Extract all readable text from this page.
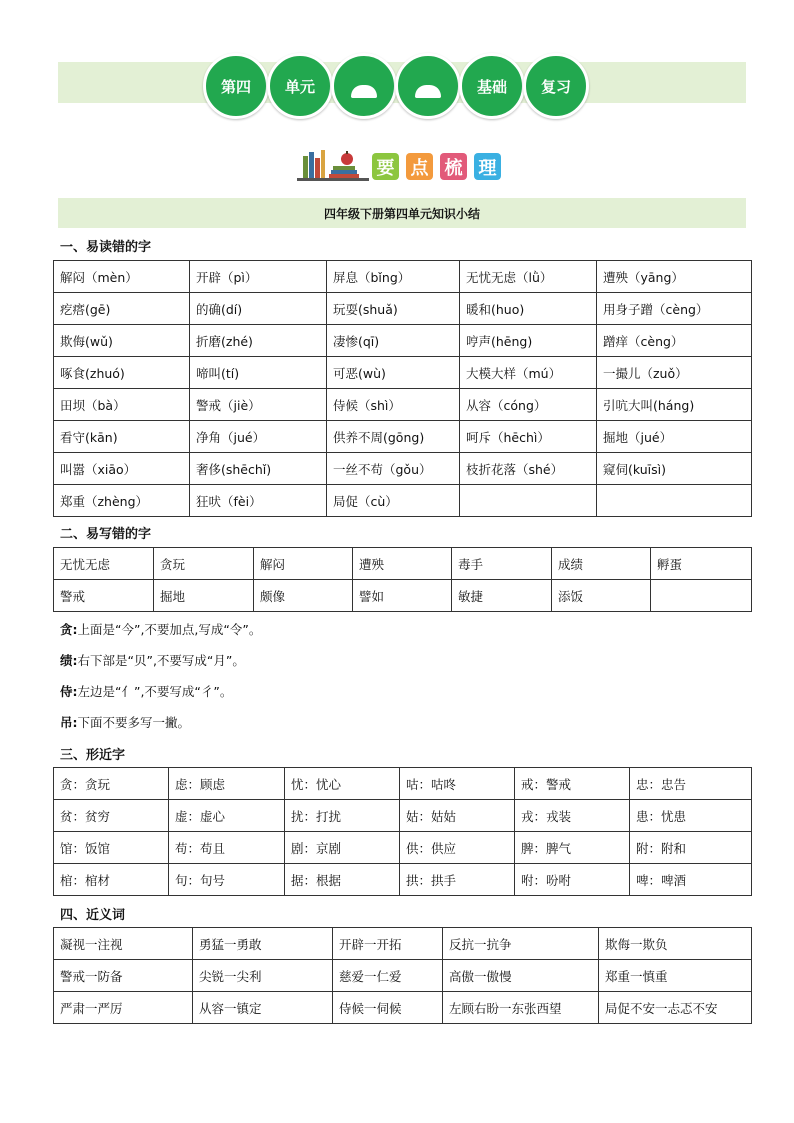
第四	单元	基础	复习
要 点 梳 理
四年级下册第四单元知识小结
一、易读错的字
解闷（mèn）	开辟（pì）	屏息（bǐng）	无忧无虑（lǜ）	遭殃（yāng）
疙瘩(gē)	的确(dí)	玩耍(shuǎ)	暖和(huo)	用身子蹭（cèng）
欺侮(wǔ)	折磨(zhé)	凄惨(qī)	哼声(hēng)	蹭痒（cèng）
啄食(zhuó)	啼叫(tí)	可恶(wù)	大模大样（mú）	一撮儿（zuǒ）
田坝（bà）	警戒（jiè）	侍候（shì）	从容（cóng）	引吭大叫(háng)
看守(kān)	净角（jué）	供养不周(gōng)	呵斥（hēchì）	掘地（jué）
叫嚣（xiāo）	奢侈(shēchǐ)	一丝不苟（gǒu）	枝折花落（shé）	窥伺(kuīsì)
郑重（zhèng）	狂吠（fèi）	局促（cù）		
二、易写错的字
无忧无虑	贪玩	解闷	遭殃	毒手	成绩	孵蛋
警戒	掘地	颇像	譬如	敏捷	添饭	
贪:上面是“今”,不要加点,写成“令”。
绩:右下部是“贝”,不要写成“月”。
侍:左边是“亻”,不要写成“彳”。
吊:下面不要多写一撇。
三、形近字
贪：贪玩	虑：顾虑	忧：忧心	咕：咕咚	戒：警戒	忠：忠告
贫：贫穷	虚：虚心	扰：打扰	姑：姑姑	戎：戎装	患：忧患
馆：饭馆	苟：苟且	剧：京剧	供：供应	脾：脾气	附：附和
棺：棺材	句：句号	据：根据	拱：拱手	咐：吩咐	啤：啤酒
四、近义词
凝视一注视	勇猛一勇敢	开辟一开拓	反抗一抗争	欺侮一欺负
警戒一防备	尖锐一尖利	慈爱一仁爱	高傲一傲慢	郑重一慎重
严肃一严厉	从容一镇定	侍候一伺候	左顾右盼一东张西望	局促不安一忐忑不安
